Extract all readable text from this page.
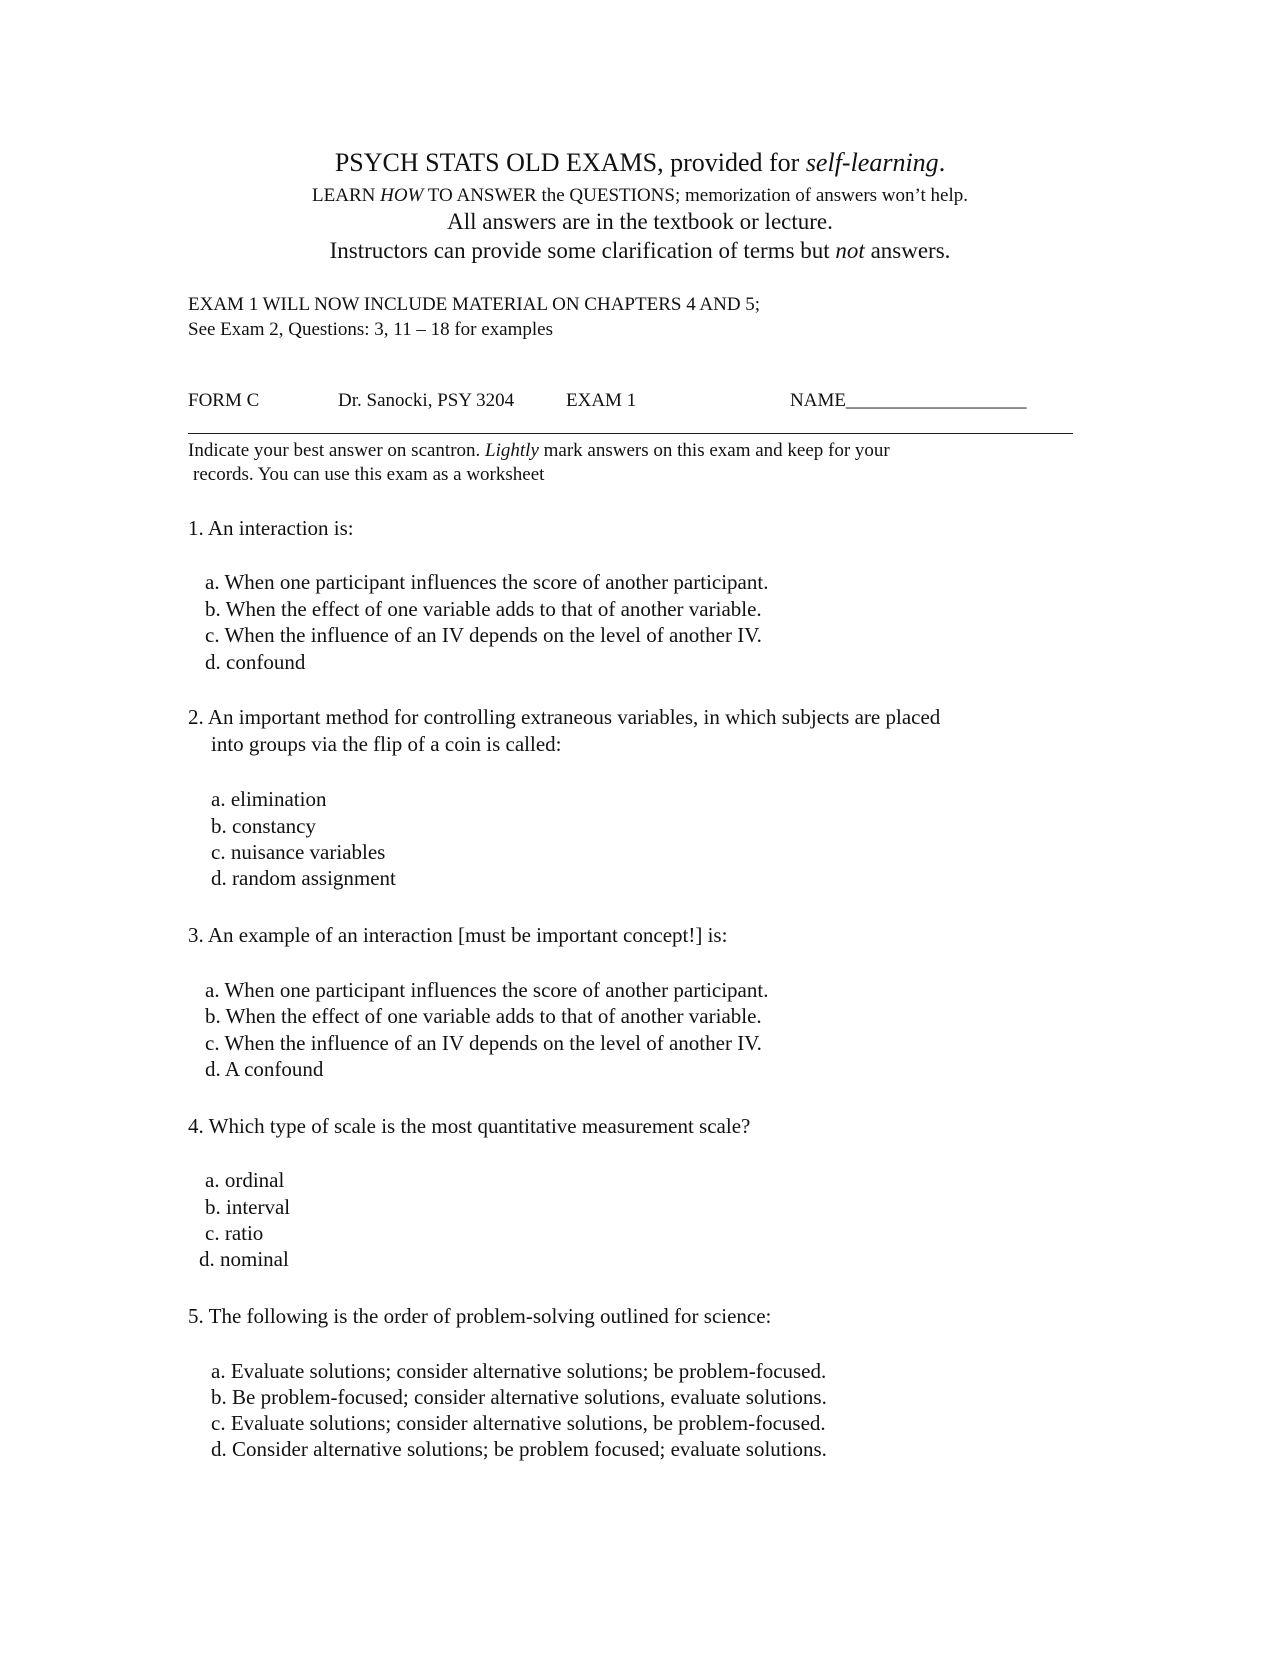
PSYCH STATS OLD EXAMS, provided for self-learning.
LEARN HOW TO ANSWER the QUESTIONS; memorization of answers won’t help.
All answers are in the textbook or lecture.
Instructors can provide some clarification of terms but not answers.
EXAM 1 WILL NOW INCLUDE MATERIAL ON CHAPTERS 4 AND 5;
See Exam 2, Questions: 3, 11 – 18 for examples
FORM C	Dr. Sanocki, PSY 3204	EXAM 1	NAME___________________
Indicate your best answer on scantron. Lightly mark answers on this exam and keep for your
records. You can use this exam as a worksheet
1. An interaction is:
a. When one participant influences the score of another participant.
b. When the effect of one variable adds to that of another variable.
c. When the influence of an IV depends on the level of another IV.
d. confound
2. An important method for controlling extraneous variables, in which subjects are placed
into groups via the flip of a coin is called:
a. elimination
b. constancy
c. nuisance variables
d. random assignment
3. An example of an interaction [must be important concept!] is:
a. When one participant influences the score of another participant.
b. When the effect of one variable adds to that of another variable.
c. When the influence of an IV depends on the level of another IV.
d. A confound
4. Which type of scale is the most quantitative measurement scale?
a. ordinal
b. interval
c. ratio
d. nominal
5. The following is the order of problem-solving outlined for science:
a. Evaluate solutions; consider alternative solutions; be problem-focused.
b. Be problem-focused; consider alternative solutions, evaluate solutions.
c. Evaluate solutions; consider alternative solutions, be problem-focused.
d. Consider alternative solutions; be problem focused; evaluate solutions.
